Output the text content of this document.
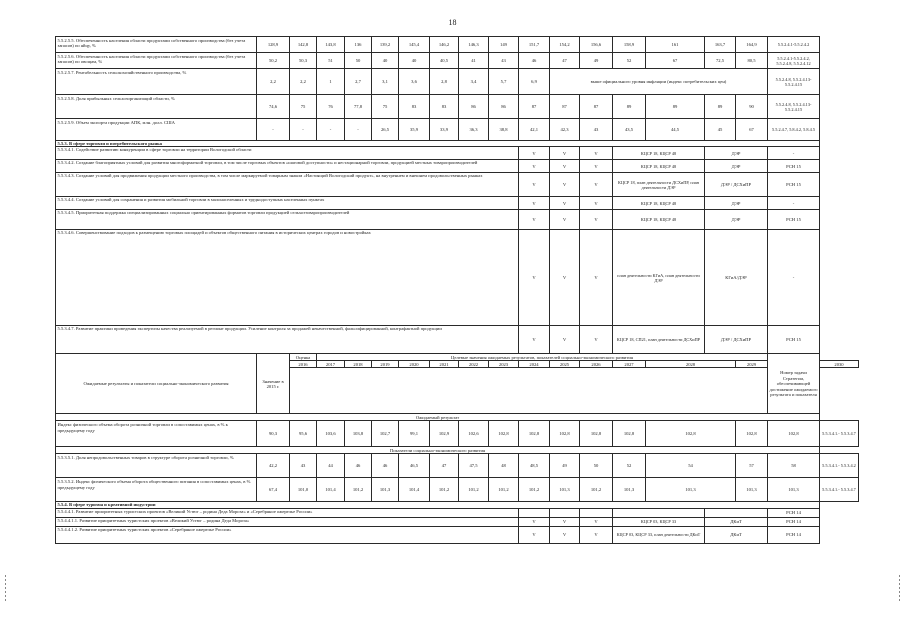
18
5.5.2.5.5. Обеспеченность населения области продуктами собственного производства (без учета запасов) по яйцу, %	128,9	142,8	143,8	136	139,2	145,4	146,2	146,3	149	151,7	154,2	156,6	158,9	161	163,7	164,9	5.5.2.4.1-5.5.2.4.2	
5.5.2.5.6. Обеспеченность населения области продуктами собственного производства (без учета запасов) по овощам, %	50,2	50,3	51	50	40	40	40,5	41	43	46	47	49	52	67	72,5	80,5	5.5.2.4.1-5.5.2.4.2, 5.5.2.4.8, 5.5.2.4.12	
5.5.2.5.7. Рентабельность сельскохозяйственного производства, %	2,2	2,2	1	2,7	3,1	3,6	2,8	3,4	5,7	6,9	выше официального уровня инфляции (индекс потребительских цен)						5.5.2.4.8, 5.5.2.4.13-5.5.2.4.15	
5.5.2.5.8. Доля прибыльных сельхозорганизаций области, %	74,6	75	76	77,8	75	83	83	86	86	87	87	87	89	89	89	90	5.5.2.4.8, 5.5.2.4.13-5.5.2.4.15	
5.5.2.5.9. Объем экспорта продукции АПК, млн. долл. США	-	-	-	-	26,5	35,9	33,9	36,3	38,8	42,1	42,3	43	43,5	44,5	45	67	5.5.2.4.7, 5.8.4.2, 5.8.4.5	
5.5.3. В сфере торговли и потребительского рынка																		
5.5.3.4.1. Содействие развитию конкуренции в сфере торговли на территории Вологодской области										V	V	V	КЦСР 18, КЦСР 48		ДЭР		-	
5.5.3.4.2. Создание благоприятных условий для развития многоформатной торговли, в том числе торговых объектов «шаговой доступности» и нестационарной торговли, продукцией местных товаропроизводителей										V	V	V	КЦСР 18, КЦСР 48		ДЭР		РСН 15	
5.5.3.4.3. Создание условий для продвижения продукции местного производства, в том числе маркируемой товарным знаком «Настоящий Вологодский продукт», на внутреннем и внешнем продовольственных рынках										V	V	V	КЦСР 18, план деятельности ДСХиПР, план деятельности ДЭР		ДЭР / ДСХиПР		РСН 15	
5.5.3.4.4. Создание условий для сохранения и развития мобильной торговли в малонаселенных и труднодоступных населенных пунктах										V	V	V	КЦСР 18, КЦСР 48		ДЭР		-	
5.5.3.4.5. Приоритетная поддержка специализированных социально ориентированных форматов торговли продукцией сельхозтоваропроизводителей										V	V	V	КЦСР 18, КЦСР 48		ДЭР		РСН 15	
5.5.3.4.6. Совершенствование подходов к размещению торговых площадей и объектов общественного питания в исторических центрах городов и новостройках										V	V	V	план деятельности КГиА, план деятельности ДЭР		КГиА/ДЭР		-	
5.5.3.4.7. Развитие практики проведения экспертизы качества реализуемой в регионе продукции. Усиление контроля за продажей некачественной, фальсифицированной, контрафактной продукции										V	V	V	КЦСР 18, СП21, план деятельности ДСХиПР		ДЭР / ДСХиПР		РСН 15	
Ожидаемые результаты и показатели социально-экономического развития	Значение в 2015 г.	Оценка	Целевые значения ожидаемых результатов, показателей социально-экономического развития														Номер задачи Стратегии, обеспечивающей достижение ожидаемого результата и показателя	
		2016	2017	2018	2019	2020	2021	2022	2023	2024	2025	2026	2027	2028		2029		2030

Ожидаемый результат																		
Индекс физического объема оборота розничной торговли в сопоставимых ценах, в % к предыдущему году	90,3	95,6	103,6	103,8	102,7	99,1	102,9	102,6	102,8	102,8	102,8	102,8	102,8	102,8		102,8	102,8	5.5.3.4.1.- 5.5.3.4.7
Показатели социально-экономического развития																		
5.5.3.5.1. Доля непродовольственных товаров в структуре оборота розничной торговли, %	42,2	43	44	46	46	46,5	47	47,5	48	48,5	49	50	52	54		57	58	5.5.3.4.1.- 5.5.3.4.2
5.5.3.5.2. Индекс физического объема оборота общественного питания в сопоставимых ценах, в % предыдущему году	67,4	101,0	101,4	101,2	101,3	101,4	101,2	101,2	101,2	101,2	101,3	101,2	101,3	101,3		101,3	101,3	5.5.3.4.1.- 5.5.3.4.7
5.5.4. В сфере туризма и креативной индустрии																		
5.5.4.4.1. Развитие приоритетных туристских проектов «Великий Устюг – родина Деда Мороза» и «Серебряное ожерелье России»																	РСН 14	
5.5.4.4.1.1. Развитие приоритетных туристских проектов «Великий Устюг – родина Деда Мороза»										V	V	V	КЦСР 03, КЦСР 33		ДКиТ		РСН 14	
5.5.4.4.1.2. Развитие приоритетных туристских проектов «Серебряное ожерелье России»										V	V	V	КЦСР 03, КЦСР 33, план деятельности ДКиТ		ДКиТ		РСН 14	
